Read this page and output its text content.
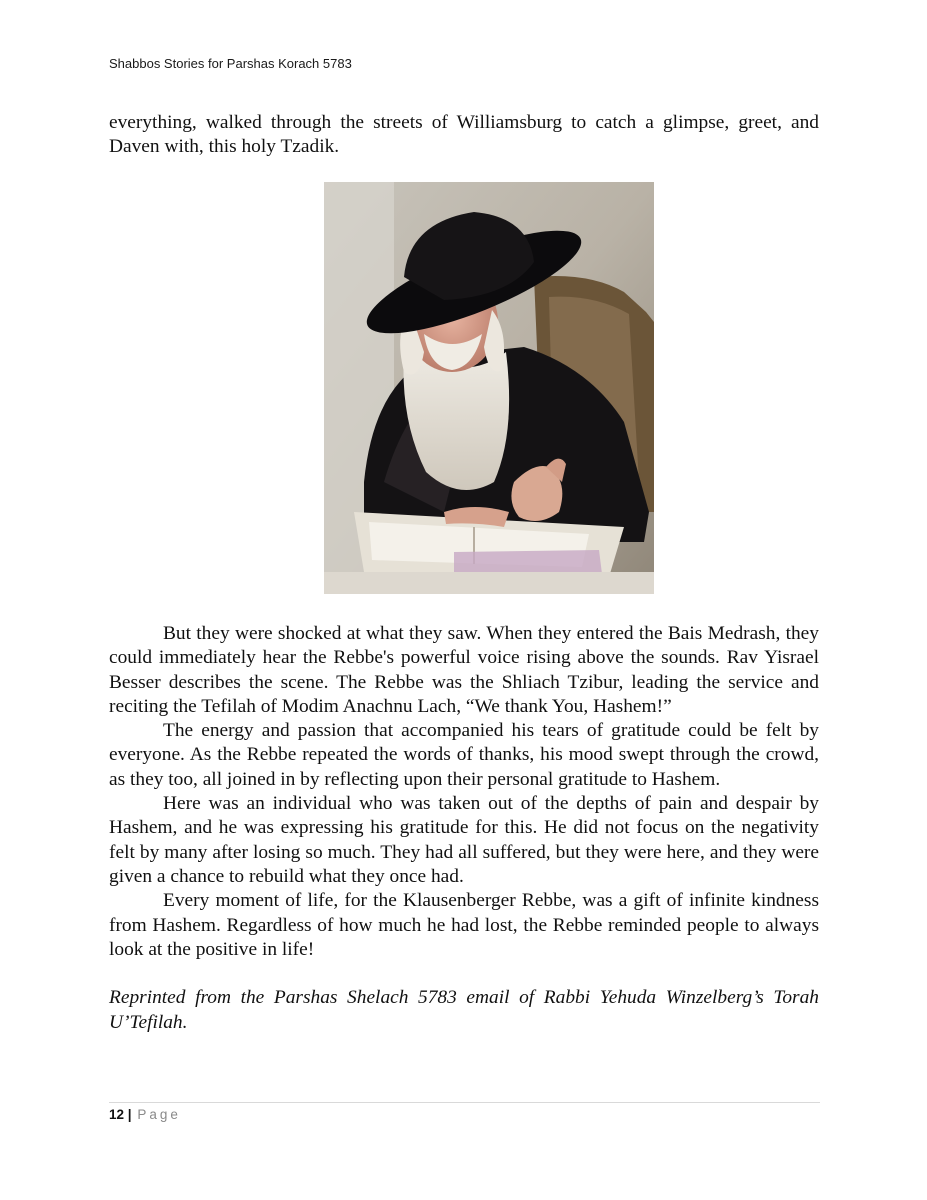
Shabbos Stories for Parshas Korach 5783

everything, walked through the streets of Williamsburg to catch a glimpse, greet, and Daven with, this holy Tzadik.

But they were shocked at what they saw. When they entered the Bais Medrash, they could immediately hear the Rebbe's powerful voice rising above the sounds. Rav Yisrael Besser describes the scene. The Rebbe was the Shliach Tzibur, leading the service and reciting the Tefilah of Modim Anachnu Lach, “We thank You, Hashem!”

The energy and passion that accompanied his tears of gratitude could be felt by everyone. As the Rebbe repeated the words of thanks, his mood swept through the crowd, as they too, all joined in by reflecting upon their personal gratitude to Hashem.

Here was an individual who was taken out of the depths of pain and despair by Hashem, and he was expressing his gratitude for this. He did not focus on the negativity felt by many after losing so much. They had all suffered, but they were here, and they were given a chance to rebuild what they once had.

Every moment of life, for the Klausenberger Rebbe, was a gift of infinite kindness from Hashem. Regardless of how much he had lost, the Rebbe reminded people to always look at the positive in life!

Reprinted from the Parshas Shelach 5783 email of Rabbi Yehuda Winzelberg’s Torah U’Tefilah.

12 | Page
